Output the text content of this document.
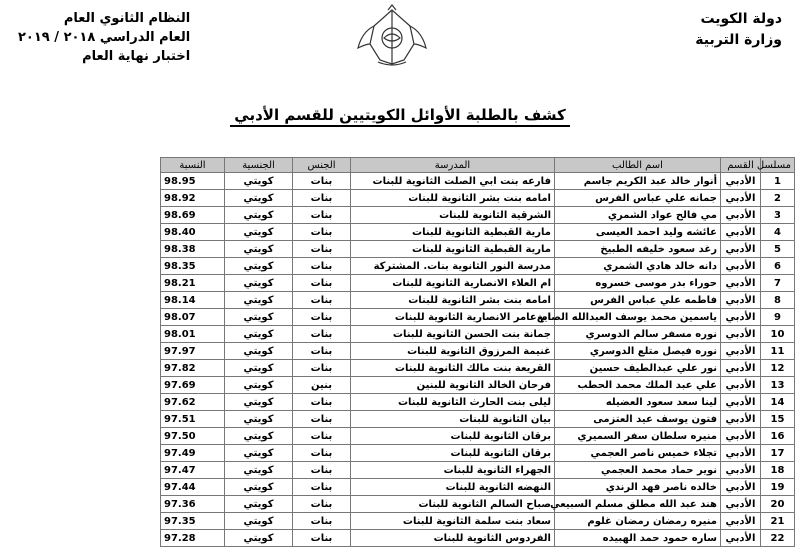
دولة الكويت
وزارة التربية
النظام الثانوي العام
العام الدراسي ٢٠١٨ / ٢٠١٩
اختبار نهاية العام
كشف بالطلبة الأوائل الكويتيين للقسم الأدبي
مسلسل	القسم	اسم الطالب	المدرسة	الجنس	الجنسية	النسبة
1	الأدبي	أنوار خالد عبد الكريم جاسم	فارعه بنت ابي الصلت الثانوية للبنات	بنات	كويتي	98.95
2	الأدبي	جمانه علي عباس الفرس	امامه بنت بشر الثانوية للبنات	بنات	كويتي	98.92
3	الأدبي	مي فالح عواد الشمري	الشرقية الثانوية للبنات	بنات	كويتي	98.69
4	الأدبي	عائشه وليد احمد العيسى	مارية القبطية الثانوية للبنات	بنات	كويتي	98.40
5	الأدبي	رغد سعود خليفه الطبيخ	مارية القبطية الثانوية للبنات	بنات	كويتي	98.38
6	الأدبي	دانه خالد هادي الشمري	مدرسة النور الثانوية بنات. المشتركة	بنات	كويتي	98.35
7	الأدبي	حوراء بدر موسى خسروه	ام العلاء الانصارية الثانوية للبنات	بنات	كويتي	98.21
8	الأدبي	فاطمه علي عباس الفرس	امامه بنت بشر الثانوية للبنات	بنات	كويتي	98.14
9	الأدبي	ياسمين محمد يوسف العبدالله الصايغ	ام عامر الانصارية الثانوية للبنات	بنات	كويتي	98.07
10	الأدبي	نوره مسفر سالم الدوسري	جمانة بنت الحسن الثانوية للبنات	بنات	كويتي	98.01
11	الأدبي	نوره فيصل متلع الدوسري	غنيمة المرزوق الثانوية للبنات	بنات	كويتي	97.97
12	الأدبي	نور علي عبدالطيف حسين	القريعة بنت مالك الثانوية للبنات	بنات	كويتي	97.82
13	الأدبي	علي عبد الملك محمد الحطب	فرحان الخالد الثانوية للبنين	بنين	كويتي	97.69
14	الأدبي	لينا سعد سعود العضيله	ليلى بنت الحارث الثانوية للبنات	بنات	كويتي	97.62
15	الأدبي	فتون يوسف عيد العتزمى	بيان الثانوية للبنات	بنات	كويتي	97.51
16	الأدبي	منيره سلطان سفر السميري	برقان الثانوية للبنات	بنات	كويتي	97.50
17	الأدبي	تجلاء خميس ناصر العجمي	برقان الثانوية للبنات	بنات	كويتي	97.49
18	الأدبي	نوير حماد محمد العجمي	الجهراء الثانوية للبنات	بنات	كويتي	97.47
19	الأدبي	خالده ناصر فهد الرندي	النهضه الثانوية للبنات	بنات	كويتي	97.44
20	الأدبي	هند عبد الله مطلق مسلم السبيعي	صباح السالم الثانوية للبنات	بنات	كويتي	97.36
21	الأدبي	منيره رمضان رمضان غلوم	سعاد بنت سلمة الثانوية للبنات	بنات	كويتي	97.35
22	الأدبي	ساره حمود حمد الهبيده	الفردوس الثانوية للبنات	بنات	كويتي	97.28
